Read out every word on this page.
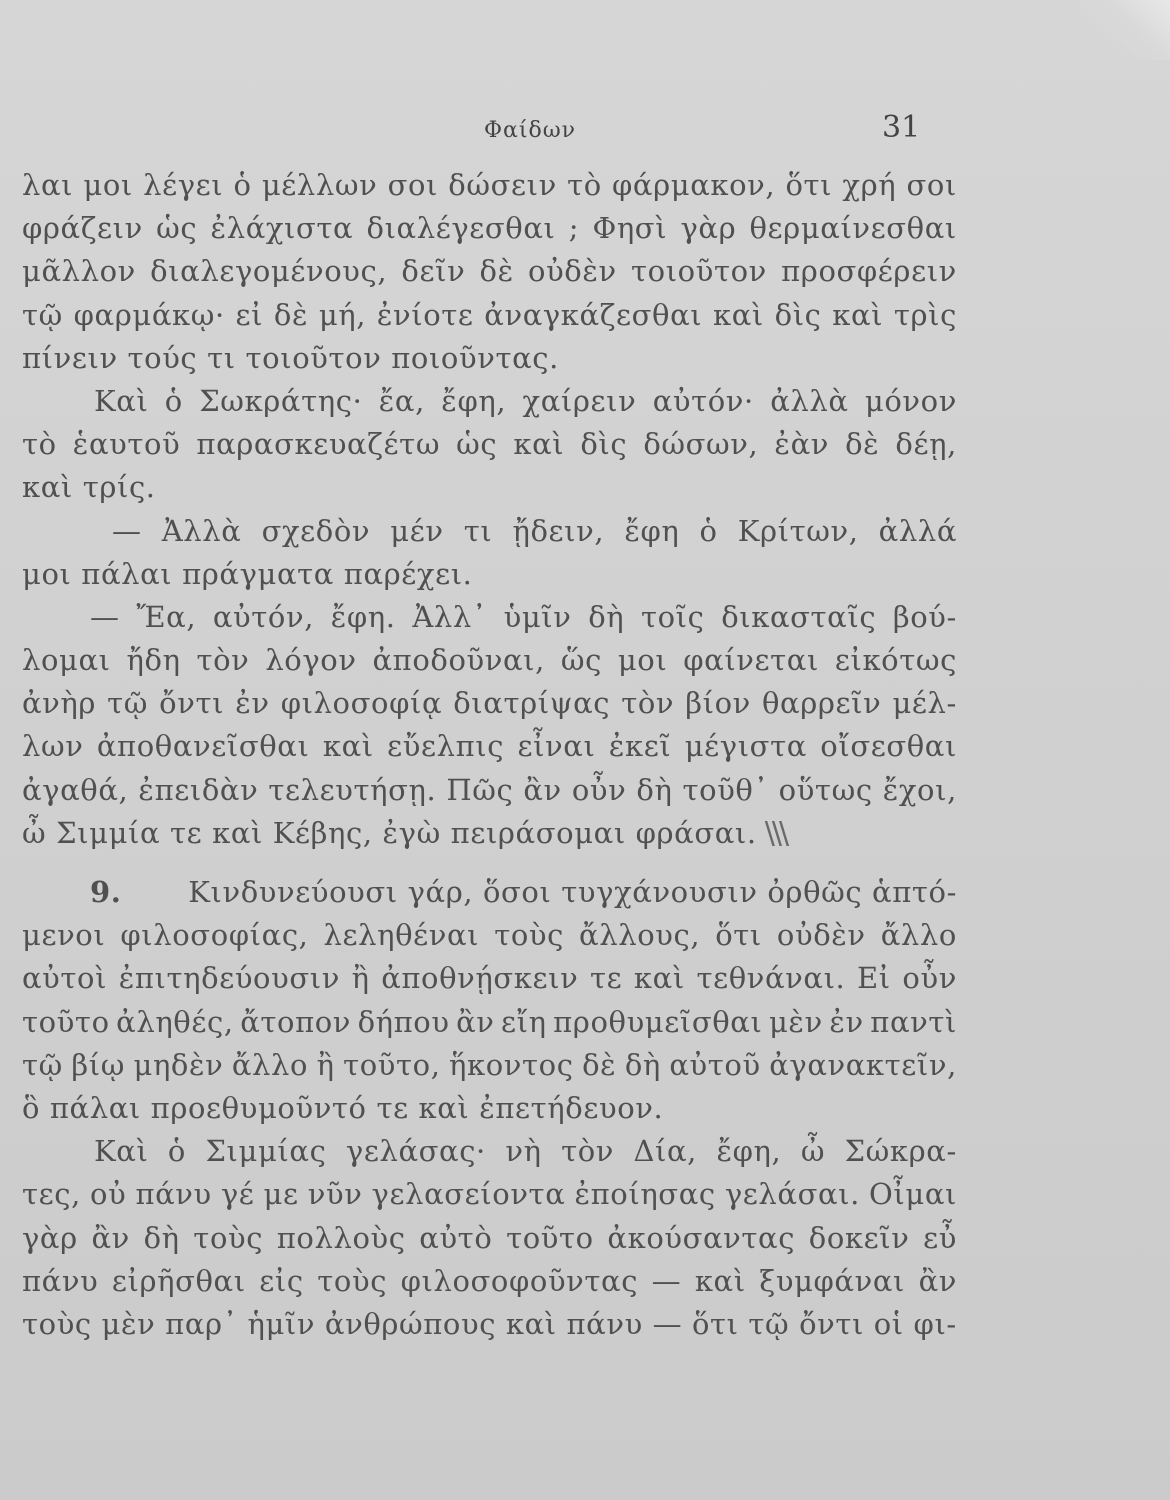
Φαίδων	31
λαι μοι λέγει ὁ μέλλων σοι δώσειν τὸ φάρμακον, ὅτι χρή σοι
φράζειν ὡς ἐλάχιστα διαλέγεσθαι ; Φησὶ γὰρ θερμαίνεσθαι
μᾶλλον διαλεγομένους, δεῖν δὲ οὐδὲν τοιοῦτον προσφέρειν
τῷ φαρμάκῳ· εἰ δὲ μή, ἐνίοτε ἀναγκάζεσθαι καὶ δὶς καὶ τρὶς
πίνειν τούς τι τοιοῦτον ποιοῦντας.
Καὶ ὁ Σωκράτης· ἔα, ἔφη, χαίρειν αὐτόν· ἀλλὰ μόνον
τὸ ἑαυτοῦ παρασκευαζέτω ὡς καὶ δὶς δώσων, ἐὰν δὲ δέῃ,
καὶ τρίς.
— Ἀλλὰ σχεδὸν μέν τι ᾔδειν, ἔφη ὁ Κρίτων, ἀλλά
μοι πάλαι πράγματα παρέχει.
— Ἔα, αὐτόν, ἔφη. Ἀλλ᾽ ὑμῖν δὴ τοῖς δικασταῖς βού-
λομαι ἤδη τὸν λόγον ἀποδοῦναι, ὥς μοι φαίνεται εἰκότως
ἀνὴρ τῷ ὄντι ἐν φιλοσοφίᾳ διατρίψας τὸν βίον θαρρεῖν μέλ-
λων ἀποθανεῖσθαι καὶ εὔελπις εἶναι ἐκεῖ μέγιστα οἴσεσθαι
ἀγαθά, ἐπειδὰν τελευτήσῃ. Πῶς ἂν οὖν δὴ τοῦθ᾽ οὕτως ἔχοι,
ὦ Σιμμία τε καὶ Κέβης, ἐγὼ πειράσομαι φράσαι. \\\
9. Κινδυνεύουσι γάρ, ὅσοι τυγχάνουσιν ὀρθῶς ἁπτό-
μενοι φιλοσοφίας, λεληθέναι τοὺς ἄλλους, ὅτι οὐδὲν ἄλλο
αὐτοὶ ἐπιτηδεύουσιν ἢ ἀποθνῄσκειν τε καὶ τεθνάναι. Εἰ οὖν
τοῦτο ἀληθές, ἄτοπον δήπου ἂν εἴη προθυμεῖσθαι μὲν ἐν παντὶ
τῷ βίῳ μηδὲν ἄλλο ἢ τοῦτο, ἥκοντος δὲ δὴ αὐτοῦ ἀγανακτεῖν,
ὃ πάλαι προεθυμοῦντό τε καὶ ἐπετήδευον.
Καὶ ὁ Σιμμίας γελάσας· νὴ τὸν Δία, ἔφη, ὦ Σώκρα-
τες, οὐ πάνυ γέ με νῦν γελασείοντα ἐποίησας γελάσαι. Οἶμαι
γὰρ ἂν δὴ τοὺς πολλοὺς αὐτὸ τοῦτο ἀκούσαντας δοκεῖν εὖ
πάνυ εἰρῆσθαι εἰς τοὺς φιλοσοφοῦντας — καὶ ξυμφάναι ἂν
τοὺς μὲν παρ᾽ ἡμῖν ἀνθρώπους καὶ πάνυ — ὅτι τῷ ὄντι οἱ φι-
